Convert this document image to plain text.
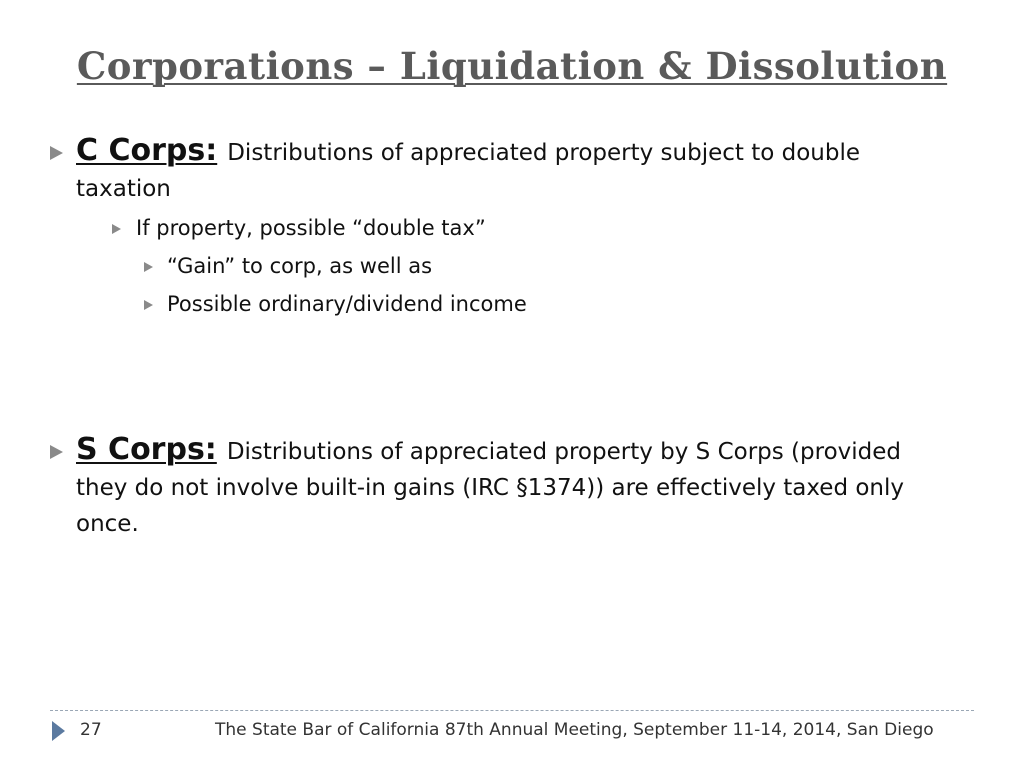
Corporations – Liquidation & Dissolution
C Corps: Distributions of appreciated property subject to double taxation
If property, possible “double tax”
“Gain” to corp, as well as
Possible ordinary/dividend income
S Corps: Distributions of appreciated property by S Corps (provided they do not involve built-in gains (IRC §1374)) are effectively taxed only once.
27	The State Bar of California 87th Annual Meeting, September 11-14, 2014, San Diego
